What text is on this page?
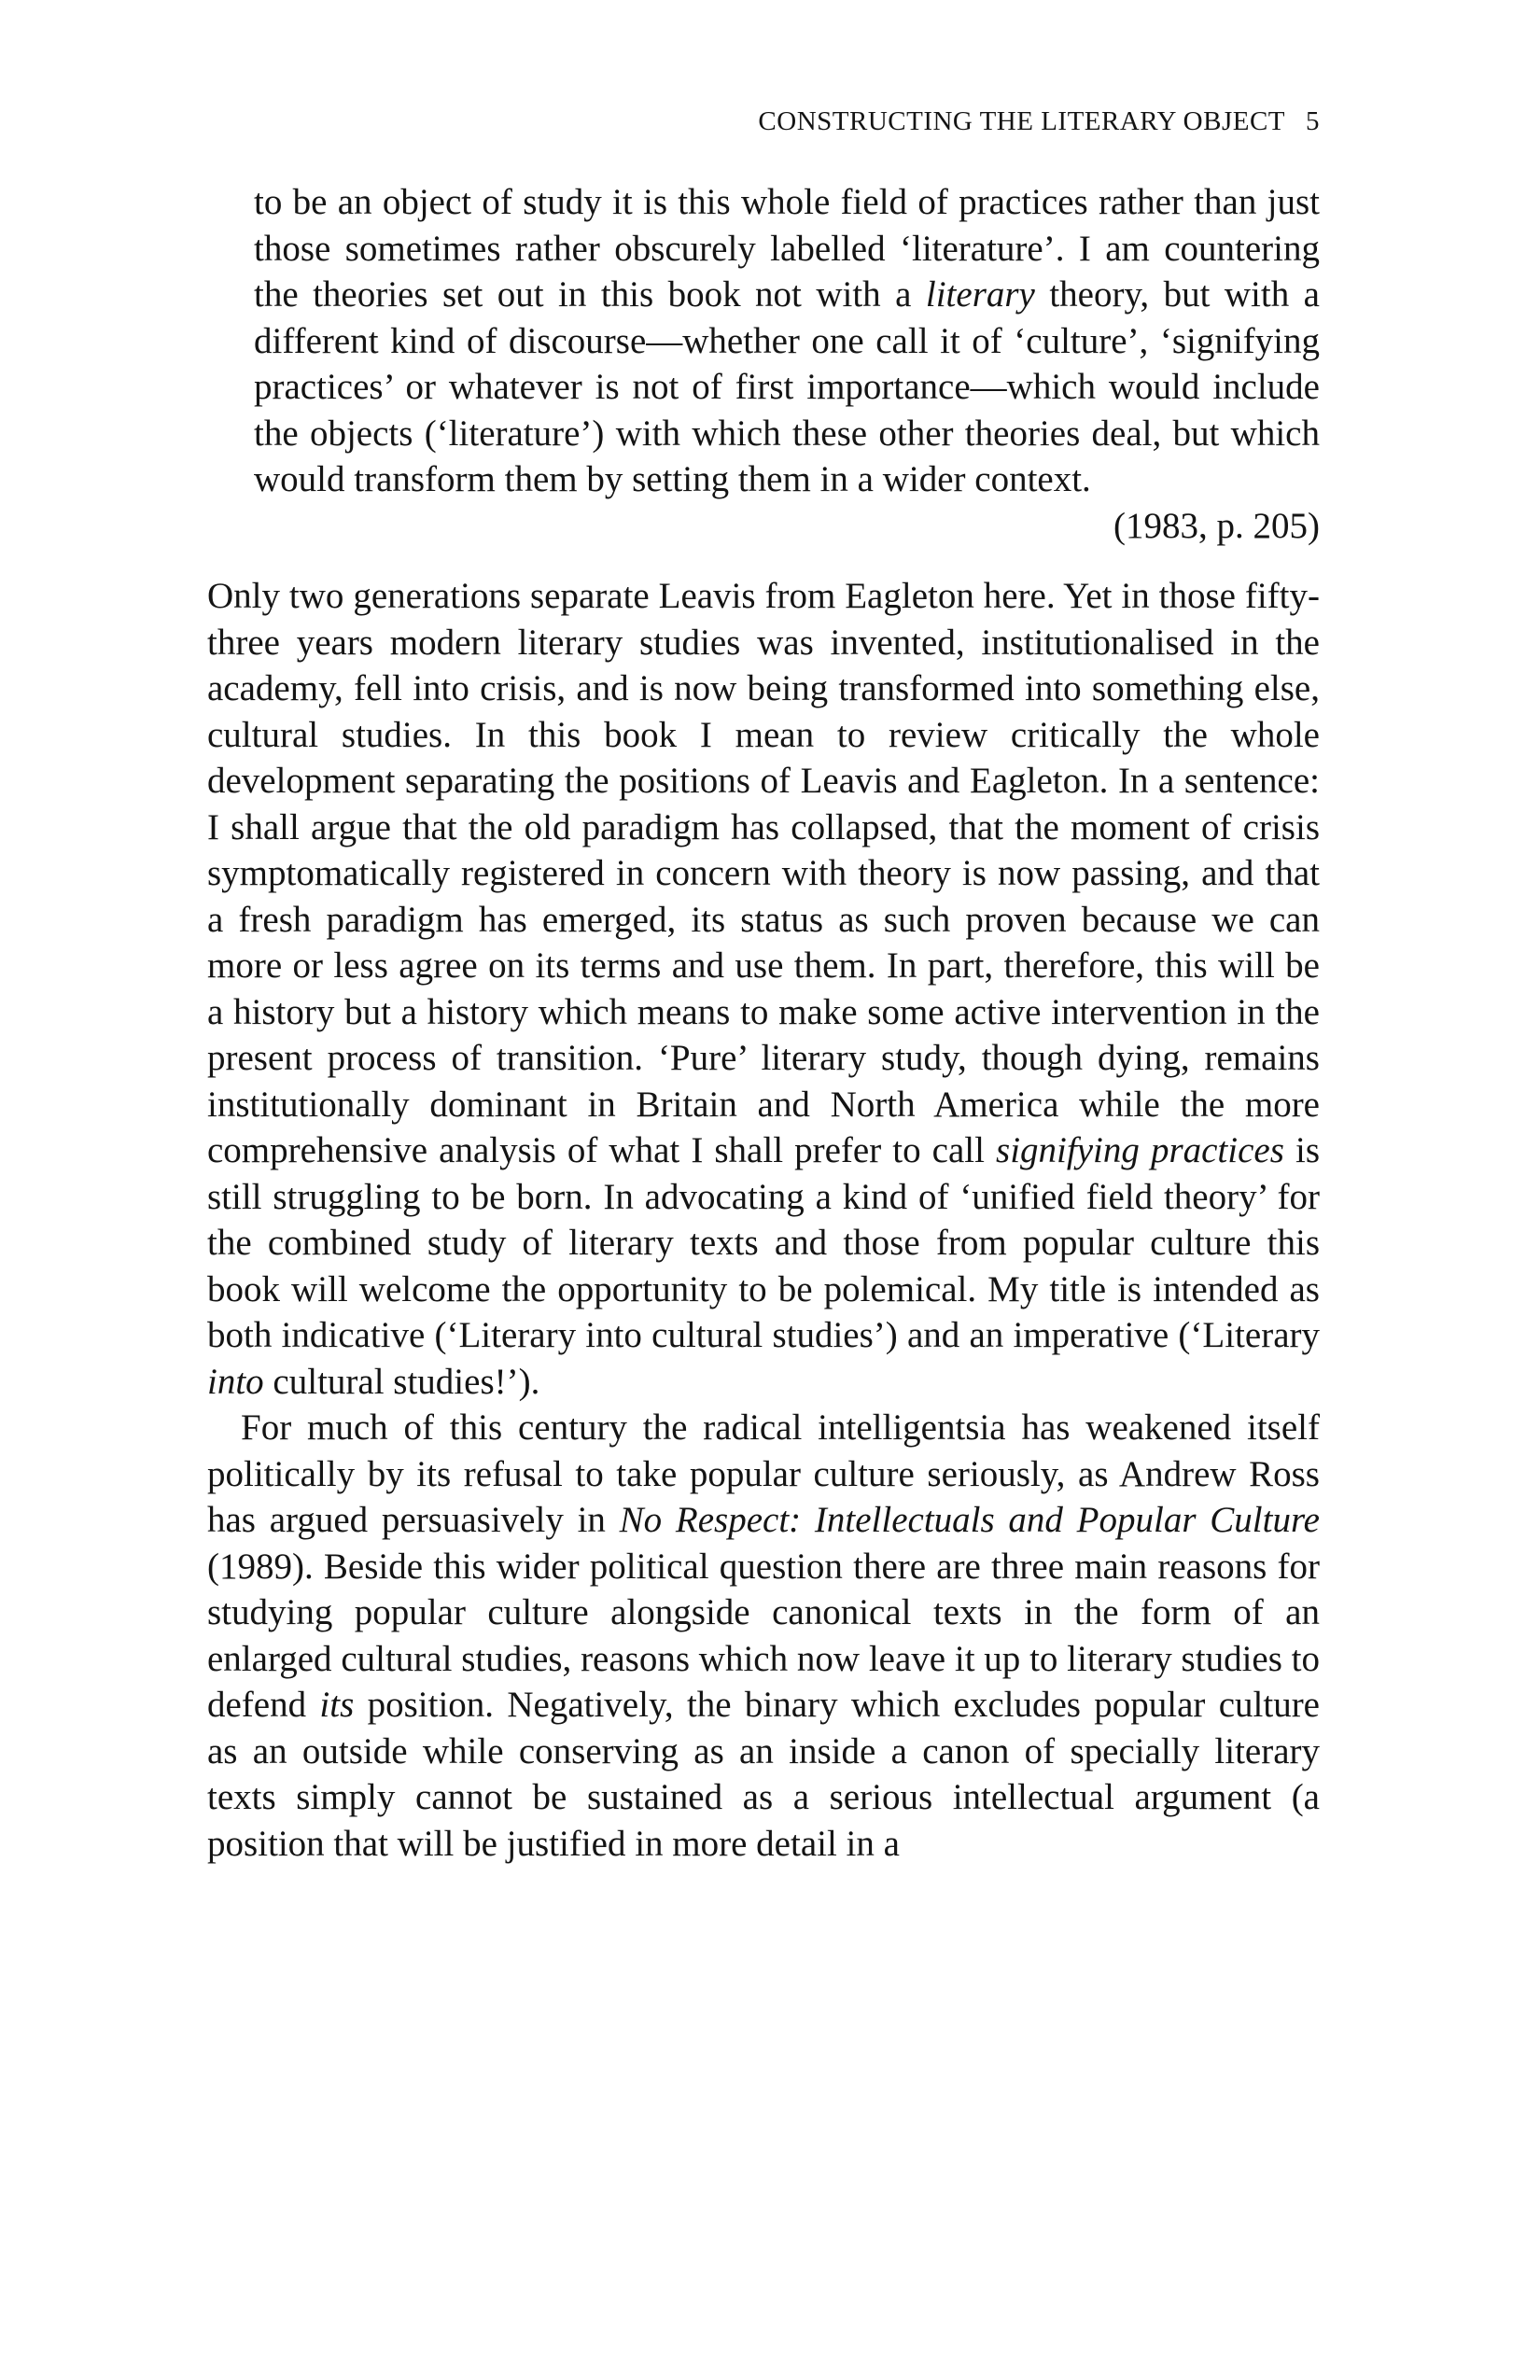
CONSTRUCTING THE LITERARY OBJECT 5

to be an object of study it is this whole field of practices rather than just those sometimes rather obscurely labelled ‘literature’. I am countering the theories set out in this book not with a literary theory, but with a different kind of discourse—whether one call it of ‘culture’, ‘signifying practices’ or whatever is not of first importance—which would include the objects (‘literature’) with which these other theories deal, but which would transform them by setting them in a wider context.

(1983, p. 205)

Only two generations separate Leavis from Eagleton here. Yet in those fifty-three years modern literary studies was invented, institutionalised in the academy, fell into crisis, and is now being transformed into something else, cultural studies. In this book I mean to review critically the whole development separating the positions of Leavis and Eagleton. In a sentence: I shall argue that the old paradigm has collapsed, that the moment of crisis symptomatically registered in concern with theory is now passing, and that a fresh paradigm has emerged, its status as such proven because we can more or less agree on its terms and use them. In part, therefore, this will be a history but a history which means to make some active intervention in the present process of transition. ‘Pure’ literary study, though dying, remains institutionally dominant in Britain and North America while the more comprehensive analysis of what I shall prefer to call signifying practices is still struggling to be born. In advocating a kind of ‘unified field theory’ for the combined study of literary texts and those from popular culture this book will welcome the opportunity to be polemical. My title is intended as both indicative (‘Literary into cultural studies’) and an imperative (‘Literary into cultural studies!’).

For much of this century the radical intelligentsia has weakened itself politically by its refusal to take popular culture seriously, as Andrew Ross has argued persuasively in No Respect: Intellectuals and Popular Culture (1989). Beside this wider political question there are three main reasons for studying popular culture alongside canonical texts in the form of an enlarged cultural studies, reasons which now leave it up to literary studies to defend its position. Negatively, the binary which excludes popular culture as an outside while conserving as an inside a canon of specially literary texts simply cannot be sustained as a serious intellectual argument (a position that will be justified in more detail in a
